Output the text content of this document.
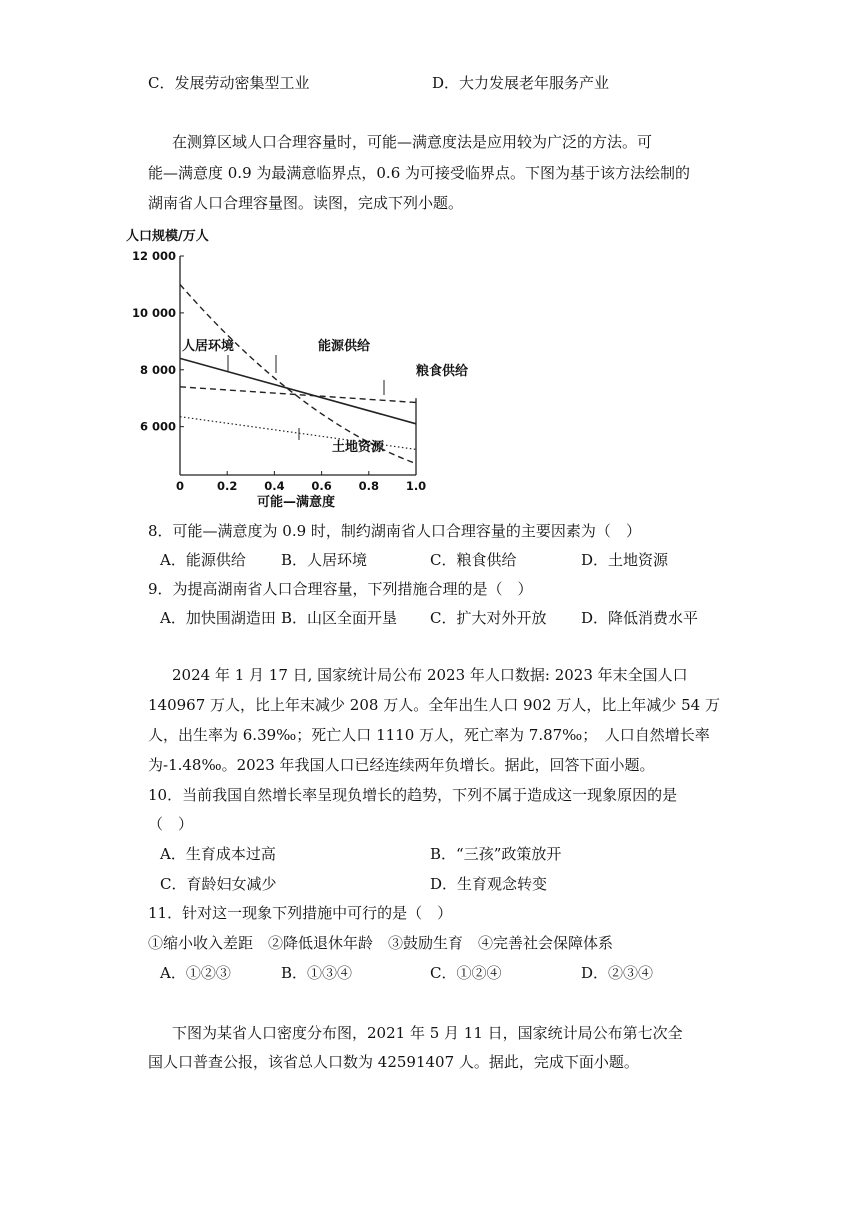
C．发展劳动密集型工业	D．大力发展老年服务产业
在测算区域人口合理容量时，可能—满意度法是应用较为广泛的方法。可
能—满意度 0.9 为最满意临界点，0.6 为可接受临界点。下图为基于该方法绘制的
湖南省人口合理容量图。读图，完成下列小题。
人口规模/万人
6 000
8 000
10 000
12 000
0	0.2 0.4 0.6 0.8 1.0
可能—满意度
人居环境	能源供给
粮食供给
土地资源
8．可能—满意度为 0.9 时，制约湖南省人口合理容量的主要因素为（　）
A．能源供给 B．人居环境	C．粮食供给	D．土地资源
9．为提高湖南省人口合理容量，下列措施合理的是（　）
A．加快围湖造田 B．山区全面开垦 C．扩大对外开放 D．降低消费水平
2024 年 1 月 17 日, 国家统计局公布 2023 年人口数据: 2023 年末全国人口
140967 万人，比上年末减少 208 万人。全年出生人口 902 万人，比上年减少 54 万
人，出生率为 6.39‰；死亡人口 1110 万人，死亡率为 7.87‰；　人口自然增长率
为-1.48‰。2023 年我国人口已经连续两年负增长。据此，回答下面小题。
10．当前我国自然增长率呈现负增长的趋势，下列不属于造成这一现象原因的是
（　）
A．生育成本过高	B．“三孩”政策放开
C．育龄妇女减少	D．生育观念转变
11．针对这一现象下列措施中可行的是（　）
①缩小收入差距　②降低退休年龄　③鼓励生育　④完善社会保障体系
A．①②③	B．①③④	C．①②④	D．②③④
下图为某省人口密度分布图，2021 年 5 月 11 日，国家统计局公布第七次全
国人口普查公报，该省总人口数为 42591407 人。据此，完成下面小题。
